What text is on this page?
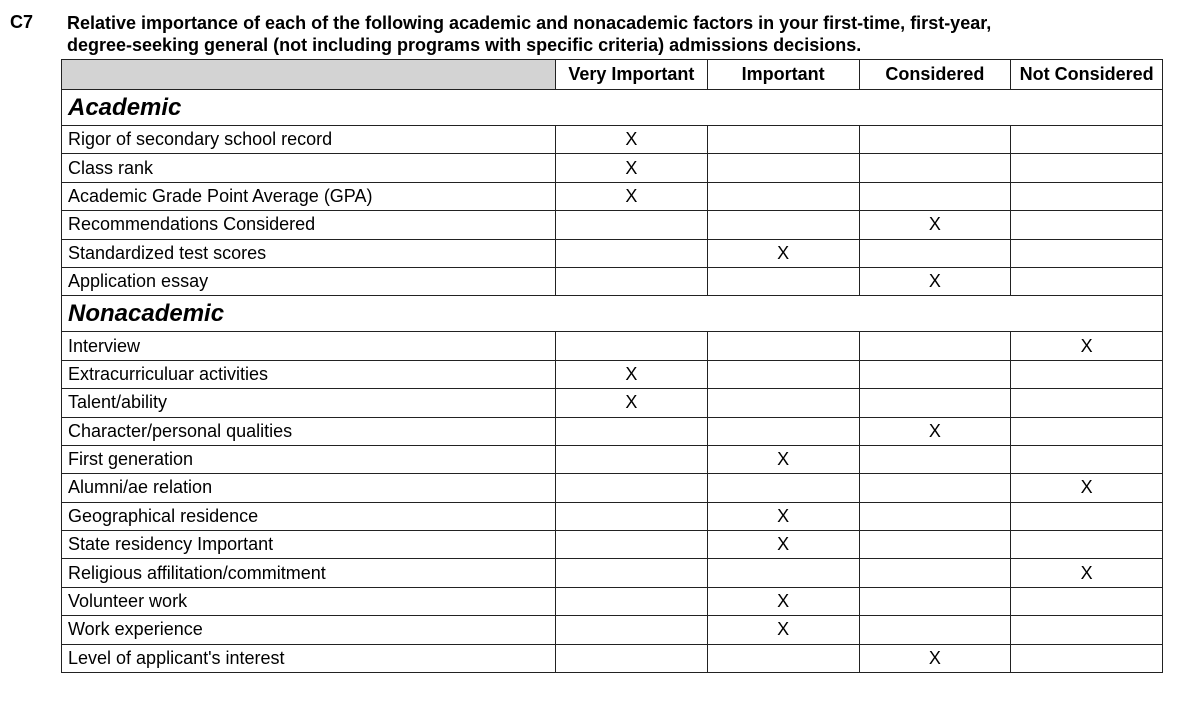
C7 Relative importance of each of the following academic and nonacademic factors in your first-time, first-year,
degree-seeking general (not including programs with specific criteria) admissions decisions.
	Very Important	Important	Considered	Not Considered
Academic				
Rigor of secondary school record	X			
Class rank	X			
Academic Grade Point Average (GPA)	X			
Recommendations Considered			X	
Standardized test scores		X		
Application essay			X	
Nonacademic				
Interview				X
Extracurriculuar activities	X			
Talent/ability	X			
Character/personal qualities			X	
First generation		X		
Alumni/ae relation				X
Geographical residence		X		
State residency Important		X		
Religious affilitation/commitment				X
Volunteer work		X		
Work experience		X		
Level of applicant's interest			X	
